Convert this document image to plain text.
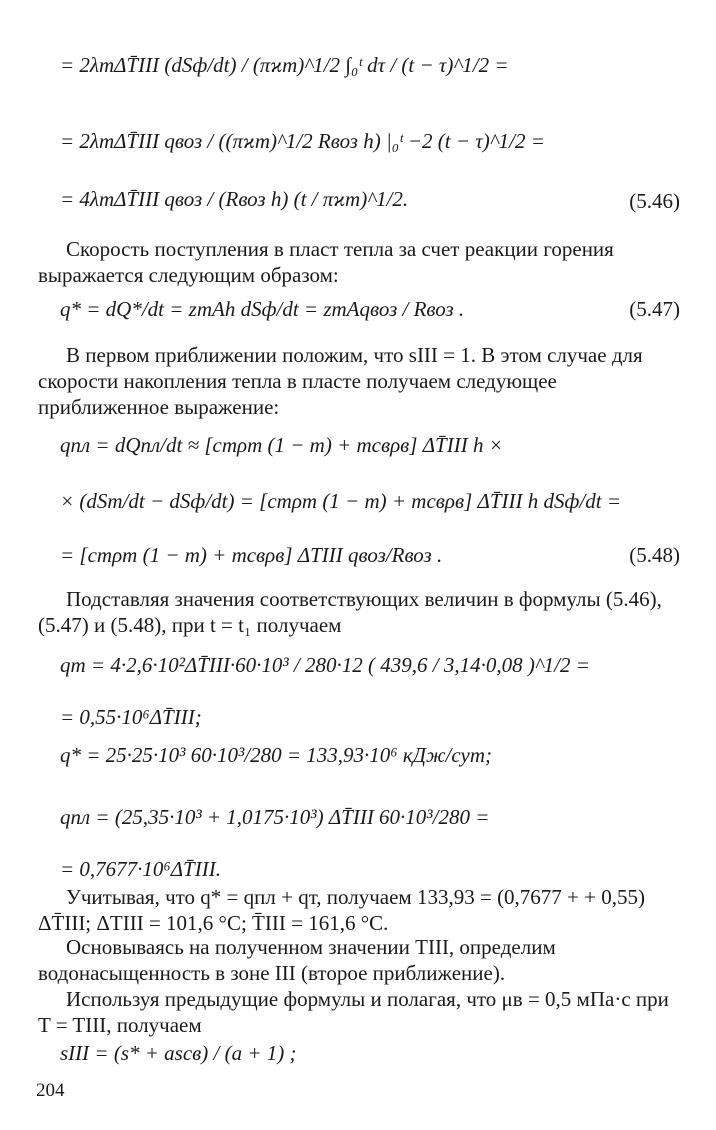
= 2λтΔT̄III (dSф/dt) / (πϰт)^1/2 ∫₀ᵗ dτ / (t − τ)^1/2 =
= 2λтΔT̄III qвоз / ((πϰт)^1/2 Rвоз h) |₀ᵗ −2 (t − τ)^1/2 =
= 4λтΔT̄III qвоз / (Rвоз h) (t / πϰт)^1/2.	(5.46)
Скорость поступления в пласт тепла за счет реакции горения выражается следующим образом:
q* = dQ*/dt = zтAh dSф/dt = zтAqвоз / Rвоз .	(5.47)
В первом приближении положим, что sIII = 1. В этом случае для скорости накопления тепла в пласте получаем следующее приближенное выражение:
qпл = dQпл/dt ≈ [cтρт (1 − m) + mcвρв] ΔT̄III h ×
× (dSт/dt − dSф/dt) = [cтρт (1 − m) + mcвρв] ΔT̄III h dSф/dt =
= [cтρт (1 − m) + mcвρв] ΔTIII qвоз/Rвоз .	(5.48)
Подставляя значения соответствующих величин в формулы (5.46), (5.47) и (5.48), при t = t₁ получаем
qт = 4·2,6·10²ΔT̄III·60·10³ / 280·12 ( 439,6 / 3,14·0,08 )^1/2 =
= 0,55·10⁶ΔT̄III;
q* = 25·25·10³ 60·10³/280 = 133,93·10⁶ кДж/сут;
qпл = (25,35·10³ + 1,0175·10³) ΔT̄III 60·10³/280 =
= 0,7677·10⁶ΔT̄III.
Учитывая, что q* = qпл + qт, получаем 133,93 = (0,7677 + + 0,55) ΔT̄III; ΔTIII = 101,6 °С; T̄III = 161,6 °С.
Основываясь на полученном значении TIII, определим водонасыщенность в зоне III (второе приближение).
Используя предыдущие формулы и полагая, что μв = 0,5 мПа·с при T = TIII, получаем
sIII = (s* + ascв) / (a + 1) ;
204
